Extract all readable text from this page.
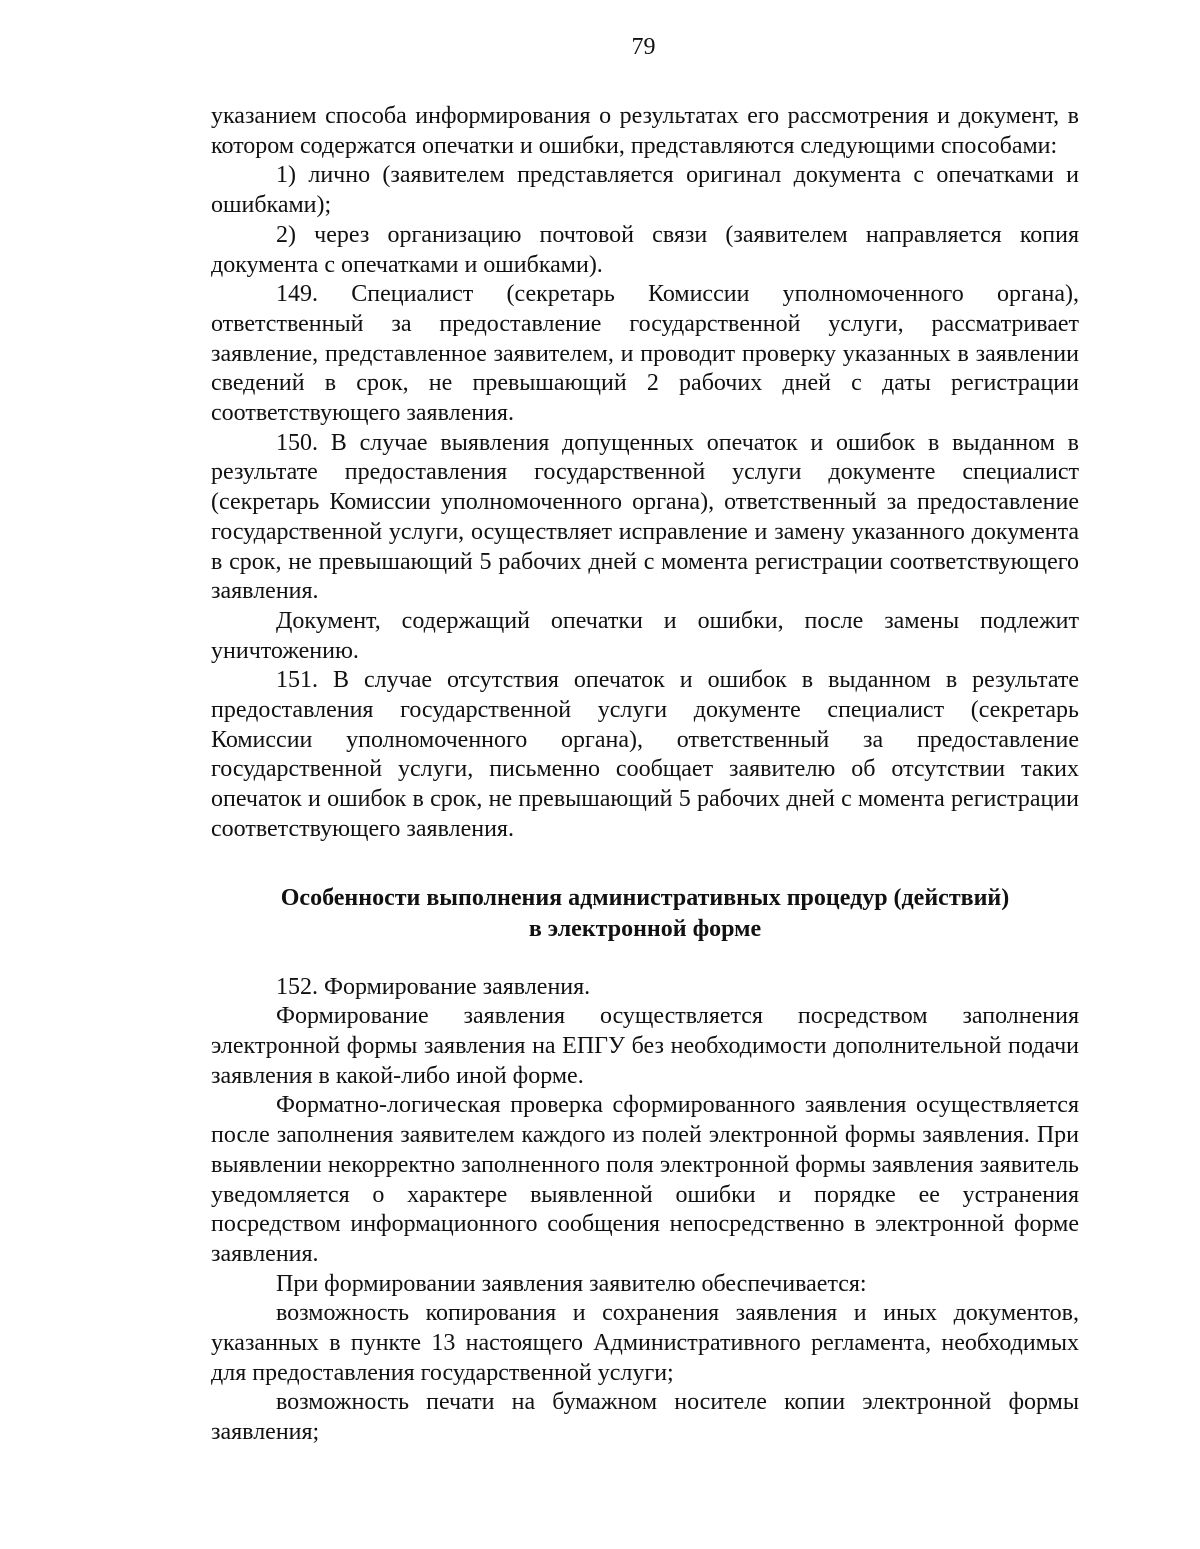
79

указанием способа информирования о результатах его рассмотрения и документ, в котором содержатся опечатки и ошибки, представляются следующими способами:

1) лично (заявителем представляется оригинал документа с опечатками и ошибками);

2) через организацию почтовой связи (заявителем направляется копия документа с опечатками и ошибками).

149. Специалист (секретарь Комиссии уполномоченного органа), ответственный за предоставление государственной услуги, рассматривает заявление, представленное заявителем, и проводит проверку указанных в заявлении сведений в срок, не превышающий 2 рабочих дней с даты регистрации соответствующего заявления.

150. В случае выявления допущенных опечаток и ошибок в выданном в результате предоставления государственной услуги документе специалист (секретарь Комиссии уполномоченного органа), ответственный за предоставление государственной услуги, осуществляет исправление и замену указанного документа в срок, не превышающий 5 рабочих дней с момента регистрации соответствующего заявления.

Документ, содержащий опечатки и ошибки, после замены подлежит уничтожению.

151. В случае отсутствия опечаток и ошибок в выданном в результате предоставления государственной услуги документе специалист (секретарь Комиссии уполномоченного органа), ответственный за предоставление государственной услуги, письменно сообщает заявителю об отсутствии таких опечаток и ошибок в срок, не превышающий 5 рабочих дней с момента регистрации соответствующего заявления.

Особенности выполнения административных процедур (действий)
в электронной форме

152. Формирование заявления.

Формирование заявления осуществляется посредством заполнения электронной формы заявления на ЕПГУ без необходимости дополнительной подачи заявления в какой-либо иной форме.

Форматно-логическая проверка сформированного заявления осуществляется после заполнения заявителем каждого из полей электронной формы заявления. При выявлении некорректно заполненного поля электронной формы заявления заявитель уведомляется о характере выявленной ошибки и порядке ее устранения посредством информационного сообщения непосредственно в электронной форме заявления.

При формировании заявления заявителю обеспечивается:

возможность копирования и сохранения заявления и иных документов, указанных в пункте 13 настоящего Административного регламента, необходимых для предоставления государственной услуги;

возможность печати на бумажном носителе копии электронной формы заявления;
